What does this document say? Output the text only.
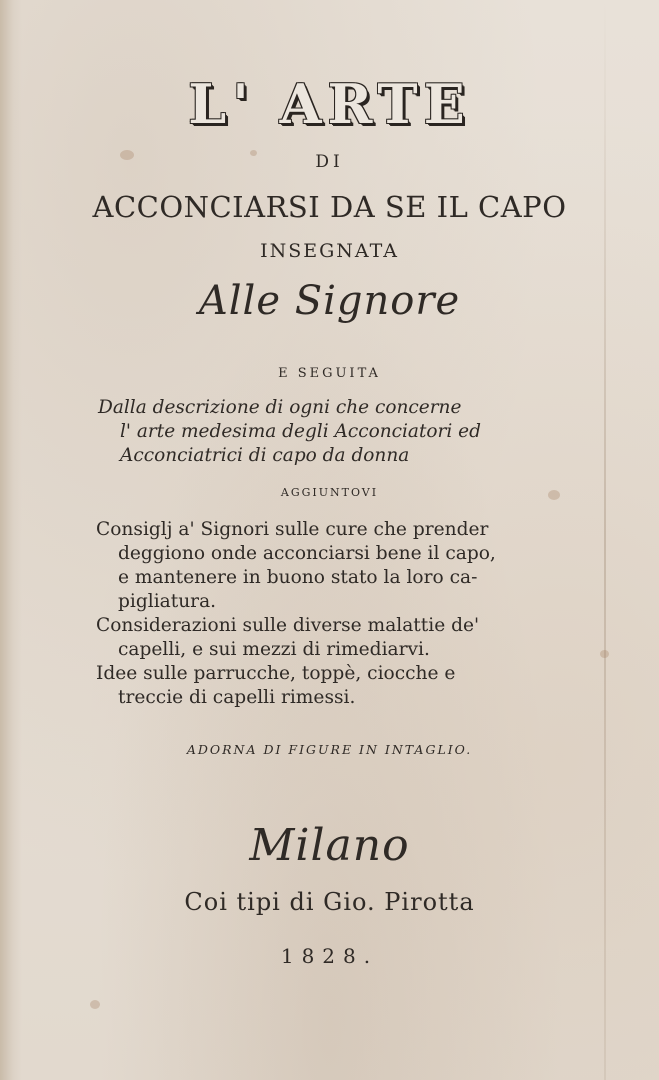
L' ARTE
DI
ACCONCIARSI DA SE IL CAPO
INSEGNATA
Alle Signore
E SEGUITA
Dalla descrizione di ogni che concerne
l' arte medesima degli Acconciatori ed
Acconciatrici di capo da donna
AGGIUNTOVI
Consiglj a' Signori sulle cure che prender
deggiono onde acconciarsi bene il capo,
e mantenere in buono stato la loro ca-
pigliatura.
Considerazioni sulle diverse malattie de'
capelli, e sui mezzi di rimediarvi.
Idee sulle parrucche, toppè, ciocche e
treccie di capelli rimessi.
ADORNA DI FIGURE IN INTAGLIO.
Milano
Coi tipi di Gio. Pirotta
1828.
